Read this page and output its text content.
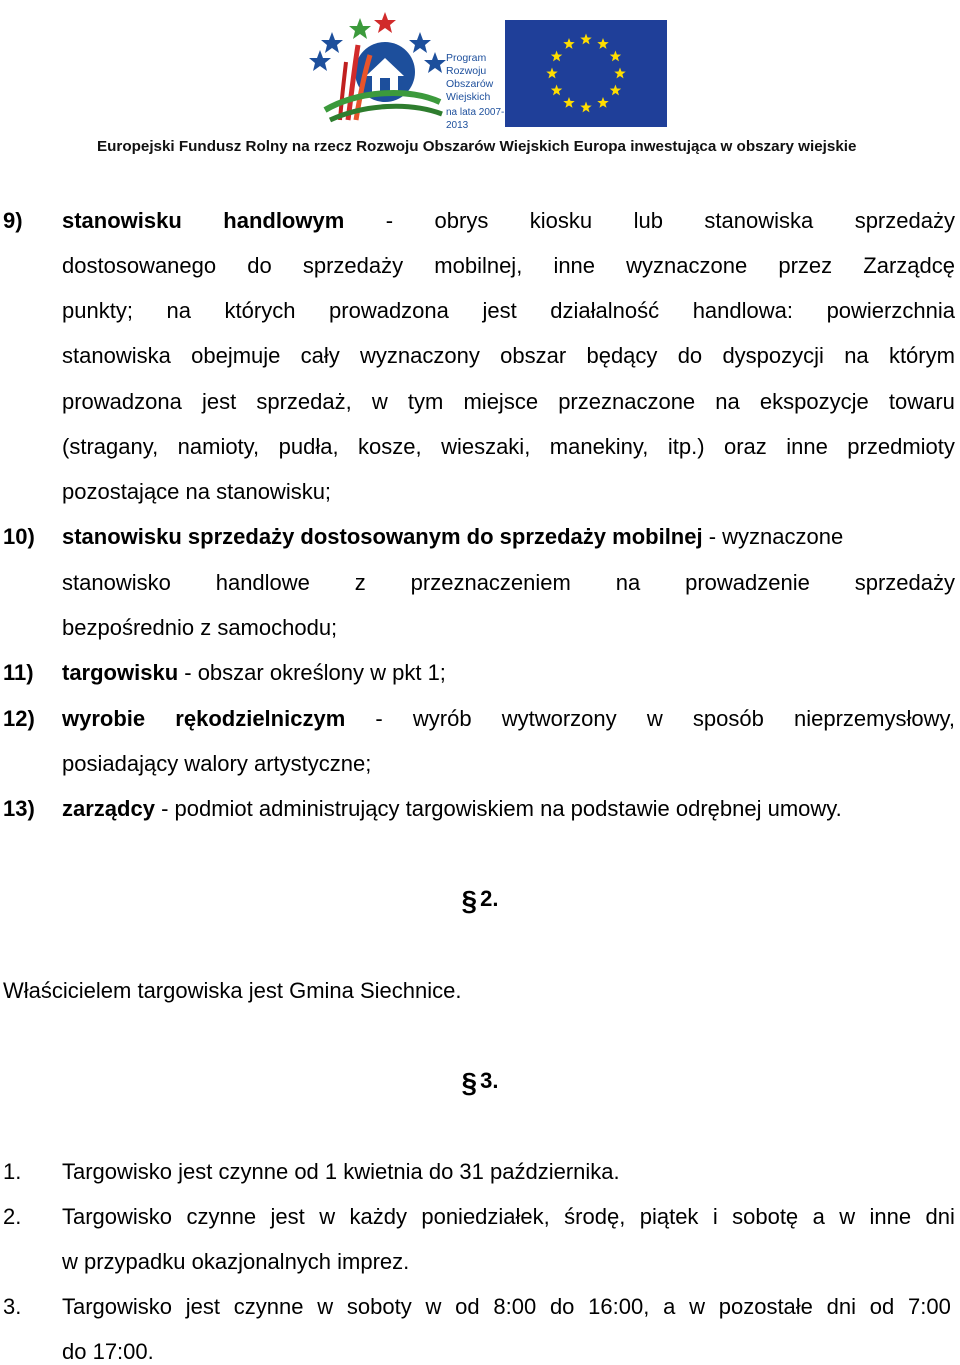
Program
Rozwoju
Obszarów
Wiejskich
na lata 2007-2013
Europejski Fundusz Rolny na rzecz Rozwoju Obszarów Wiejskich Europa inwestująca w obszary wiejskie
9) stanowisku handlowym - obrys kiosku lub stanowiska sprzedaży
dostosowanego do sprzedaży mobilnej, inne wyznaczone przez Zarządcę
punkty; na których prowadzona jest działalność handlowa: powierzchnia
stanowiska obejmuje cały wyznaczony obszar będący do dyspozycji na którym
prowadzona jest sprzedaż, w tym miejsce przeznaczone na ekspozycje towaru
(stragany, namioty, pudła, kosze, wieszaki, manekiny, itp.) oraz inne przedmioty
pozostające na stanowisku;
10) stanowisku sprzedaży dostosowanym do sprzedaży mobilnej - wyznaczone
stanowisko handlowe z przeznaczeniem na prowadzenie sprzedaży
bezpośrednio z samochodu;
11) targowisku - obszar określony w pkt 1;
12) wyrobie rękodzielniczym - wyrób wytworzony w sposób nieprzemysłowy,
posiadający walory artystyczne;
13) zarządcy - podmiot administrujący targowiskiem na podstawie odrębnej umowy.
§ 2.
Właścicielem targowiska jest Gmina Siechnice.
§ 3.
1. Targowisko jest czynne od 1 kwietnia do 31 października.
2. Targowisko czynne jest w każdy poniedziałek, środę, piątek i sobotę a w inne dni
w przypadku okazjonalnych imprez.
3. Targowisko jest czynne w soboty w od 8:00 do 16:00, a w pozostałe dni od 7:00
do 17:00.
